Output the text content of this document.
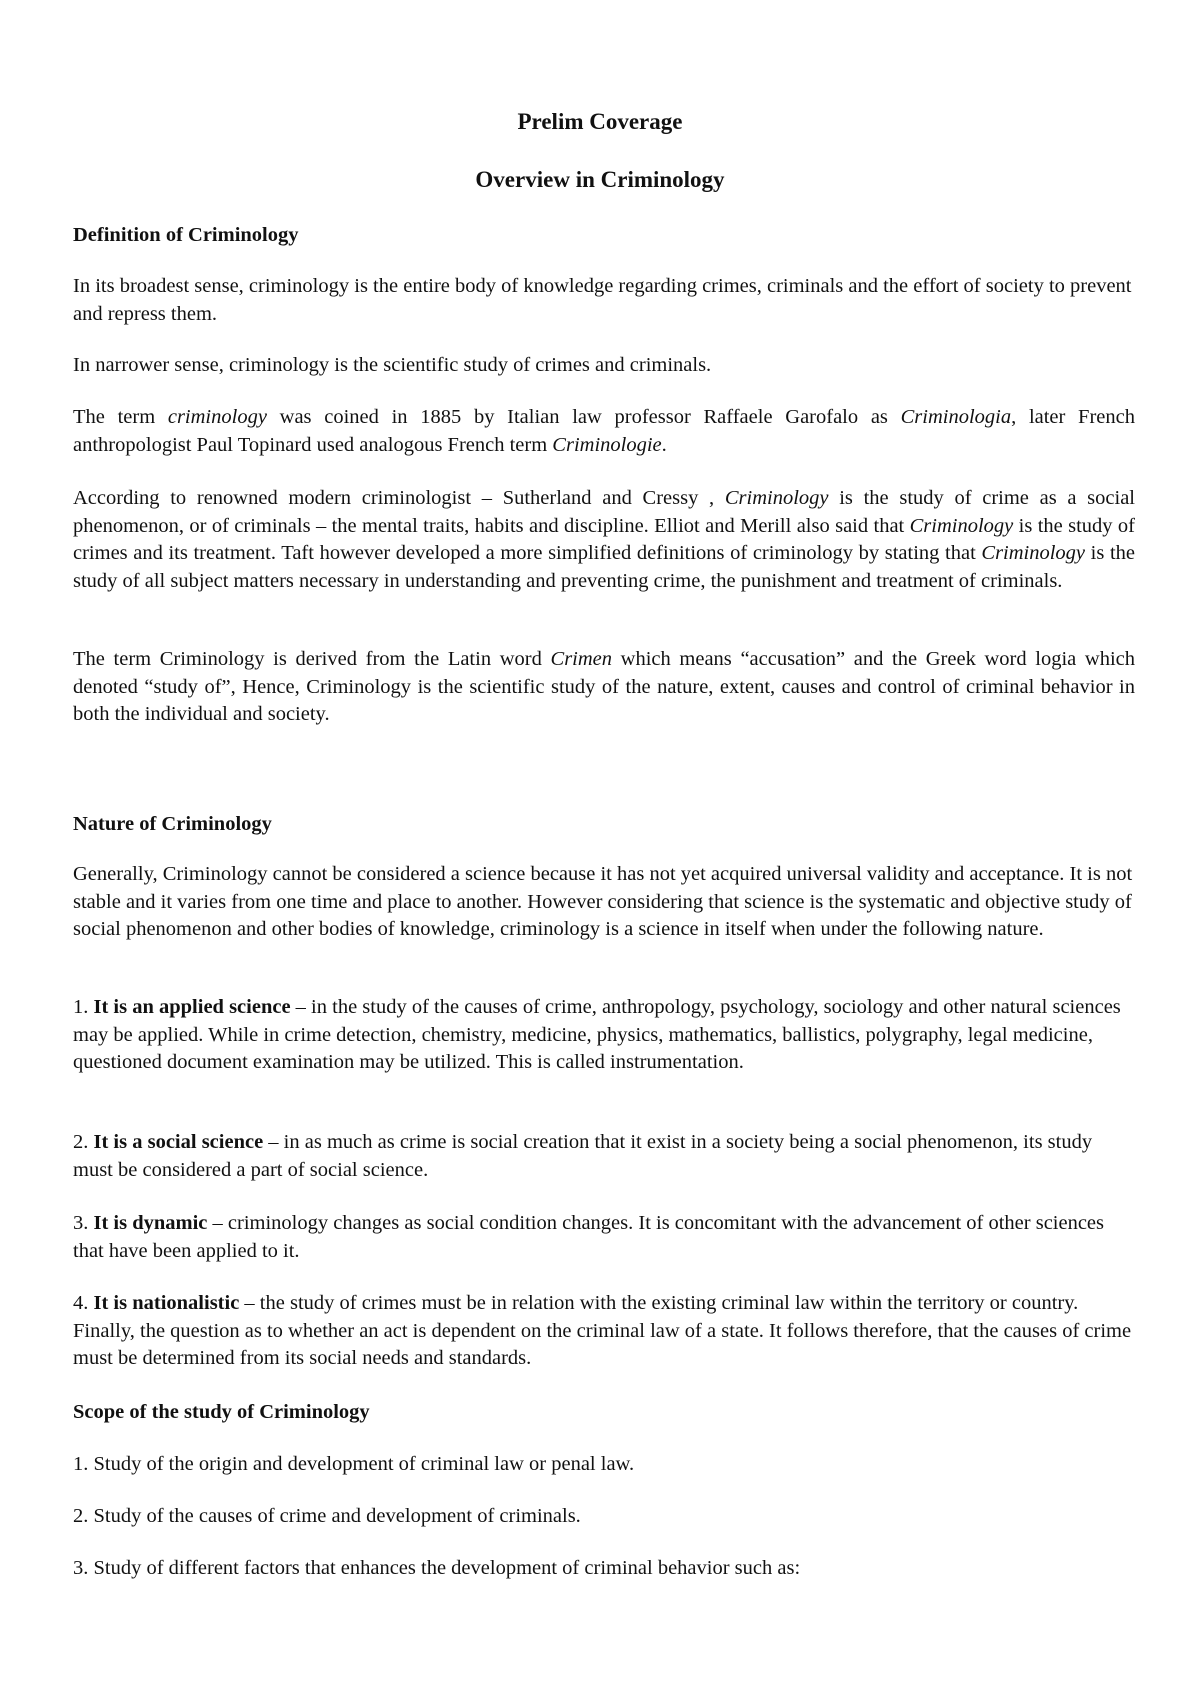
Prelim Coverage
Overview in Criminology
Definition of Criminology

In its broadest sense, criminology is the entire body of knowledge regarding crimes, criminals and the effort of society to prevent and repress them.

In narrower sense, criminology is the scientific study of crimes and criminals.

The term criminology was coined in 1885 by Italian law professor Raffaele Garofalo as Criminologia, later French anthropologist Paul Topinard used analogous French term Criminologie.

According to renowned modern criminologist – Sutherland and Cressy , Criminology is the study of crime as a social phenomenon, or of criminals – the mental traits, habits and discipline. Elliot and Merill also said that Criminology is the study of crimes and its treatment. Taft however developed a more simplified definitions of criminology by stating that Criminology is the study of all subject matters necessary in understanding and preventing crime, the punishment and treatment of criminals.

The term Criminology is derived from the Latin word Crimen which means “accusation” and the Greek word logia which denoted “study of”, Hence, Criminology is the scientific study of the nature, extent, causes and control of criminal behavior in both the individual and society.

Nature of Criminology

Generally, Criminology cannot be considered a science because it has not yet acquired universal validity and acceptance. It is not stable and it varies from one time and place to another. However considering that science is the systematic and objective study of social phenomenon and other bodies of knowledge, criminology is a science in itself when under the following nature.

1. It is an applied science – in the study of the causes of crime, anthropology, psychology, sociology and other natural sciences may be applied. While in crime detection, chemistry, medicine, physics, mathematics, ballistics, polygraphy, legal medicine, questioned document examination may be utilized. This is called instrumentation.

2. It is a social science – in as much as crime is social creation that it exist in a society being a social phenomenon, its study must be considered a part of social science.

3. It is dynamic – criminology changes as social condition changes. It is concomitant with the advancement of other sciences that have been applied to it.

4. It is nationalistic – the study of crimes must be in relation with the existing criminal law within the territory or country. Finally, the question as to whether an act is dependent on the criminal law of a state. It follows therefore, that the causes of crime must be determined from its social needs and standards.

Scope of the study of Criminology

1. Study of the origin and development of criminal law or penal law.

2. Study of the causes of crime and development of criminals.

3. Study of different factors that enhances the development of criminal behavior such as:
